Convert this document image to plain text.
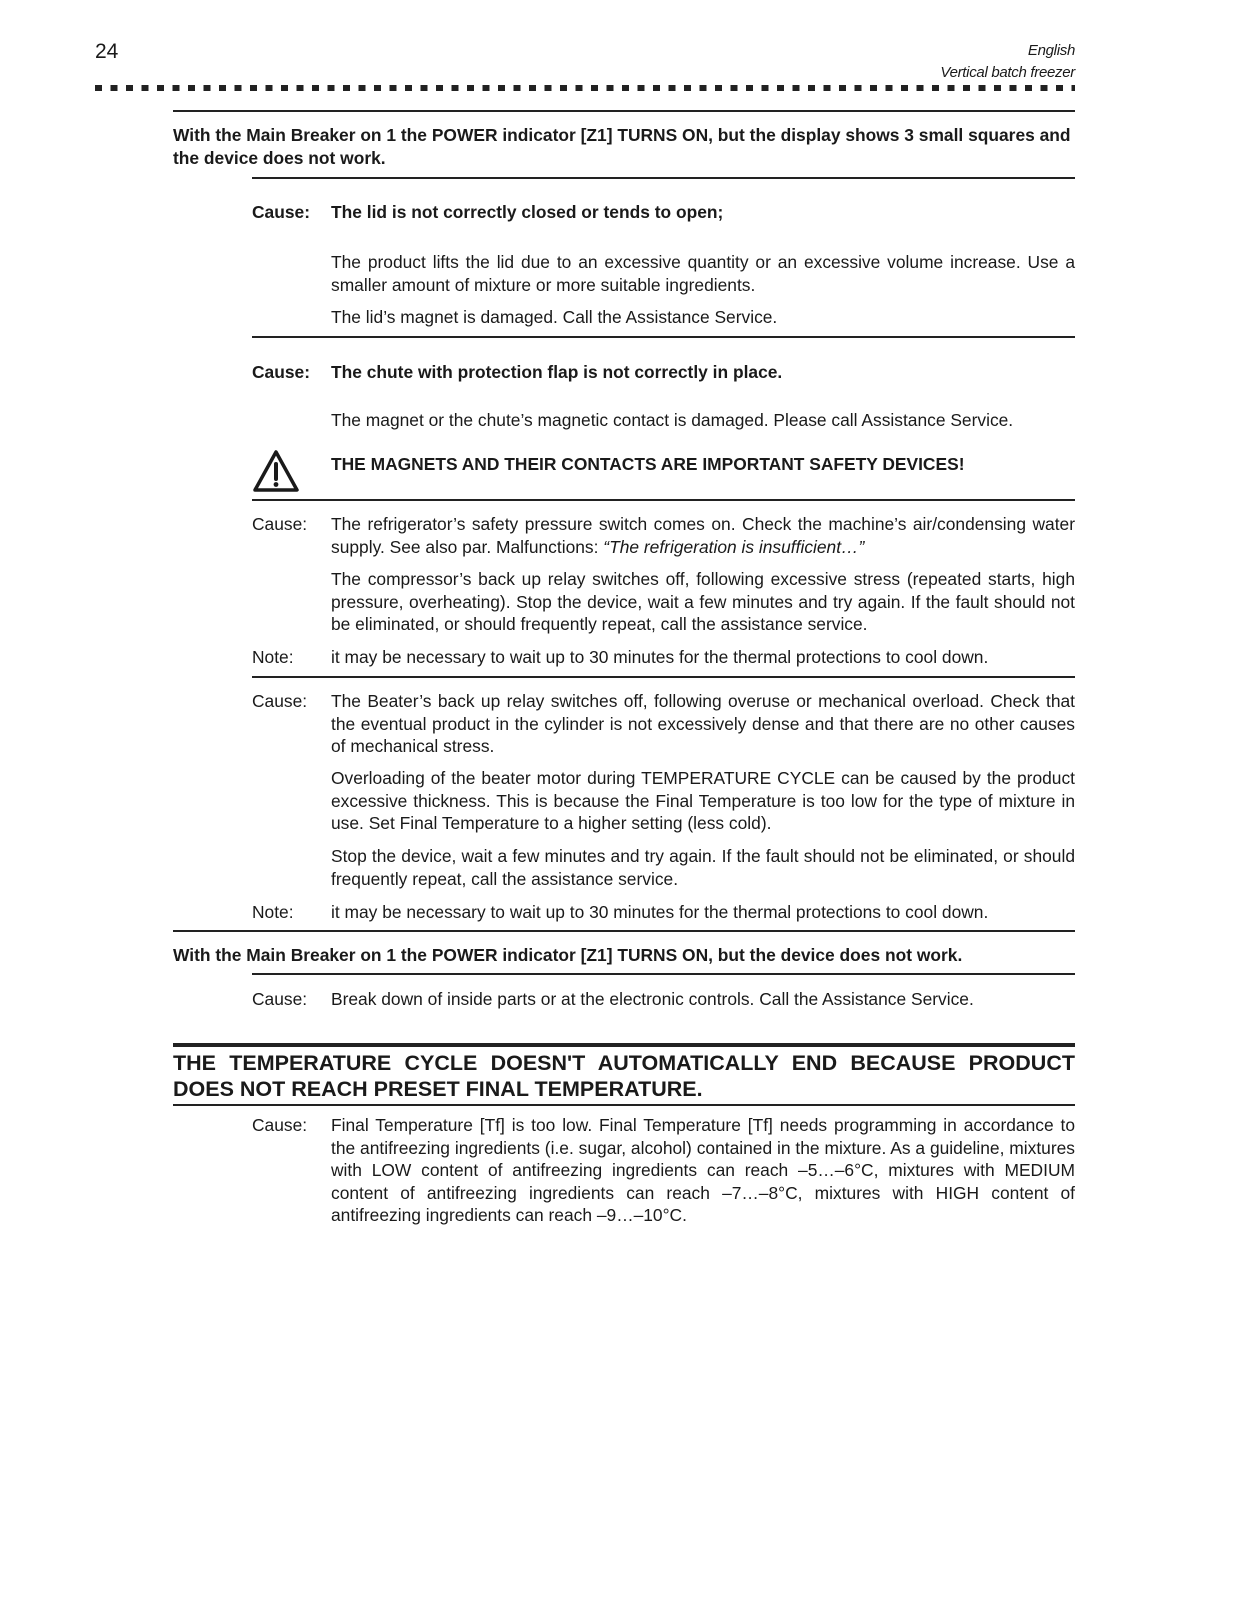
24	English
Vertical batch freezer
With the Main Breaker on 1 the POWER indicator [Z1] TURNS ON, but the display shows 3 small squares and the device does not work.
Cause: The lid is not correctly closed or tends to open;
The product lifts the lid due to an excessive quantity or an excessive volume increase. Use a smaller amount of mixture or more suitable ingredients.
The lid’s magnet is damaged. Call the Assistance Service.
Cause: The chute with protection flap is not correctly in place.
The magnet or the chute’s magnetic contact is damaged. Please call Assistance Service.
THE MAGNETS AND THEIR CONTACTS ARE IMPORTANT SAFETY DEVICES!
Cause: The refrigerator’s safety pressure switch comes on. Check the machine’s air/condensing water supply. See also par. Malfunctions: “The refrigeration is insufficient…”
The compressor’s back up relay switches off, following excessive stress (repeated starts, high pressure, overheating). Stop the device, wait a few minutes and try again. If the fault should not be eliminated, or should frequently repeat, call the assistance service.
Note: it may be necessary to wait up to 30 minutes for the thermal protections to cool down.
Cause: The Beater’s back up relay switches off, following overuse or mechanical overload. Check that the eventual product in the cylinder is not excessively dense and that there are no other causes of mechanical stress.
Overloading of the beater motor during TEMPERATURE CYCLE can be caused by the product excessive thickness. This is because the Final Temperature is too low for the type of mixture in use. Set Final Temperature to a higher setting (less cold).
Stop the device, wait a few minutes and try again. If the fault should not be eliminated, or should frequently repeat, call the assistance service.
Note: it may be necessary to wait up to 30 minutes for the thermal protections to cool down.
With the Main Breaker on 1 the POWER indicator [Z1] TURNS ON, but the device does not work.
Cause: Break down of inside parts or at the electronic controls. Call the Assistance Service.
THE TEMPERATURE CYCLE DOESN'T AUTOMATICALLY END BECAUSE PRODUCT DOES NOT REACH PRESET FINAL TEMPERATURE.
Cause: Final Temperature [Tf] is too low. Final Temperature [Tf] needs programming in accordance to the antifreezing ingredients (i.e. sugar, alcohol) contained in the mixture. As a guideline, mixtures with LOW content of antifreezing ingredients can reach –5…–6°C, mixtures with MEDIUM content of antifreezing ingredients can reach –7…–8°C, mixtures with HIGH content of antifreezing ingredients can reach –9…–10°C.
